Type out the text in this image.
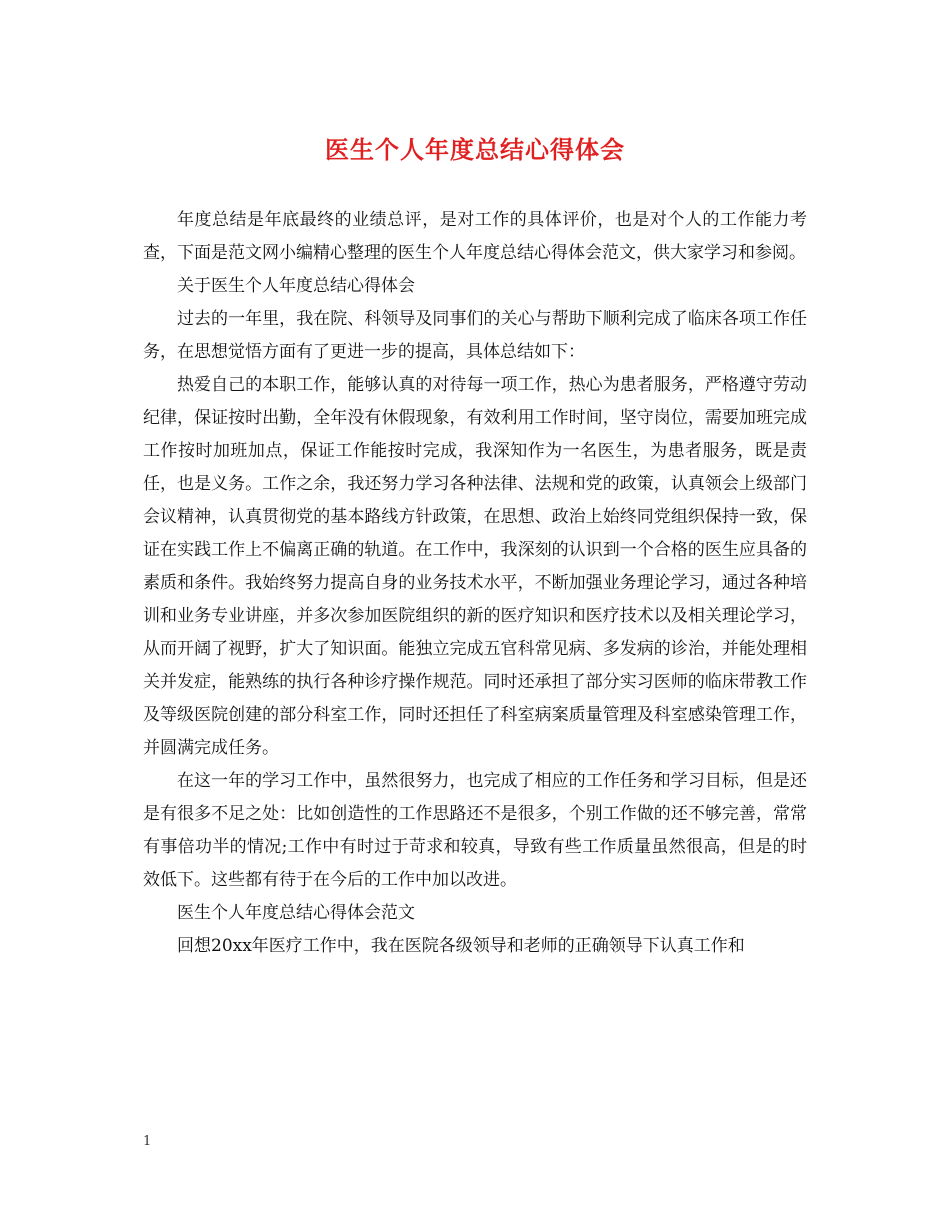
医生个人年度总结心得体会

年度总结是年底最终的业绩总评，是对工作的具体评价，也是对个人的工作能力考查，下面是范文网小编精心整理的医生个人年度总结心得体会范文，供大家学习和参阅。

关于医生个人年度总结心得体会

过去的一年里，我在院、科领导及同事们的关心与帮助下顺利完成了临床各项工作任务，在思想觉悟方面有了更进一步的提高，具体总结如下：

热爱自己的本职工作，能够认真的对待每一项工作，热心为患者服务，严格遵守劳动纪律，保证按时出勤，全年没有休假现象，有效利用工作时间，坚守岗位，需要加班完成工作按时加班加点，保证工作能按时完成，我深知作为一名医生，为患者服务，既是责任，也是义务。工作之余，我还努力学习各种法律、法规和党的政策，认真领会上级部门会议精神，认真贯彻党的基本路线方针政策，在思想、政治上始终同党组织保持一致，保证在实践工作上不偏离正确的轨道。在工作中，我深刻的认识到一个合格的医生应具备的素质和条件。我始终努力提高自身的业务技术水平，不断加强业务理论学习，通过各种培训和业务专业讲座，并多次参加医院组织的新的医疗知识和医疗技术以及相关理论学习，从而开阔了视野，扩大了知识面。能独立完成五官科常见病、多发病的诊治，并能处理相关并发症，能熟练的执行各种诊疗操作规范。同时还承担了部分实习医师的临床带教工作及等级医院创建的部分科室工作，同时还担任了科室病案质量管理及科室感染管理工作，并圆满完成任务。

在这一年的学习工作中，虽然很努力，也完成了相应的工作任务和学习目标，但是还是有很多不足之处：比如创造性的工作思路还不是很多，个别工作做的还不够完善，常常有事倍功半的情况;工作中有时过于苛求和较真，导致有些工作质量虽然很高，但是的时效低下。这些都有待于在今后的工作中加以改进。

医生个人年度总结心得体会范文

回想20xx年医疗工作中，我在医院各级领导和老师的正确领导下认真工作和

1
